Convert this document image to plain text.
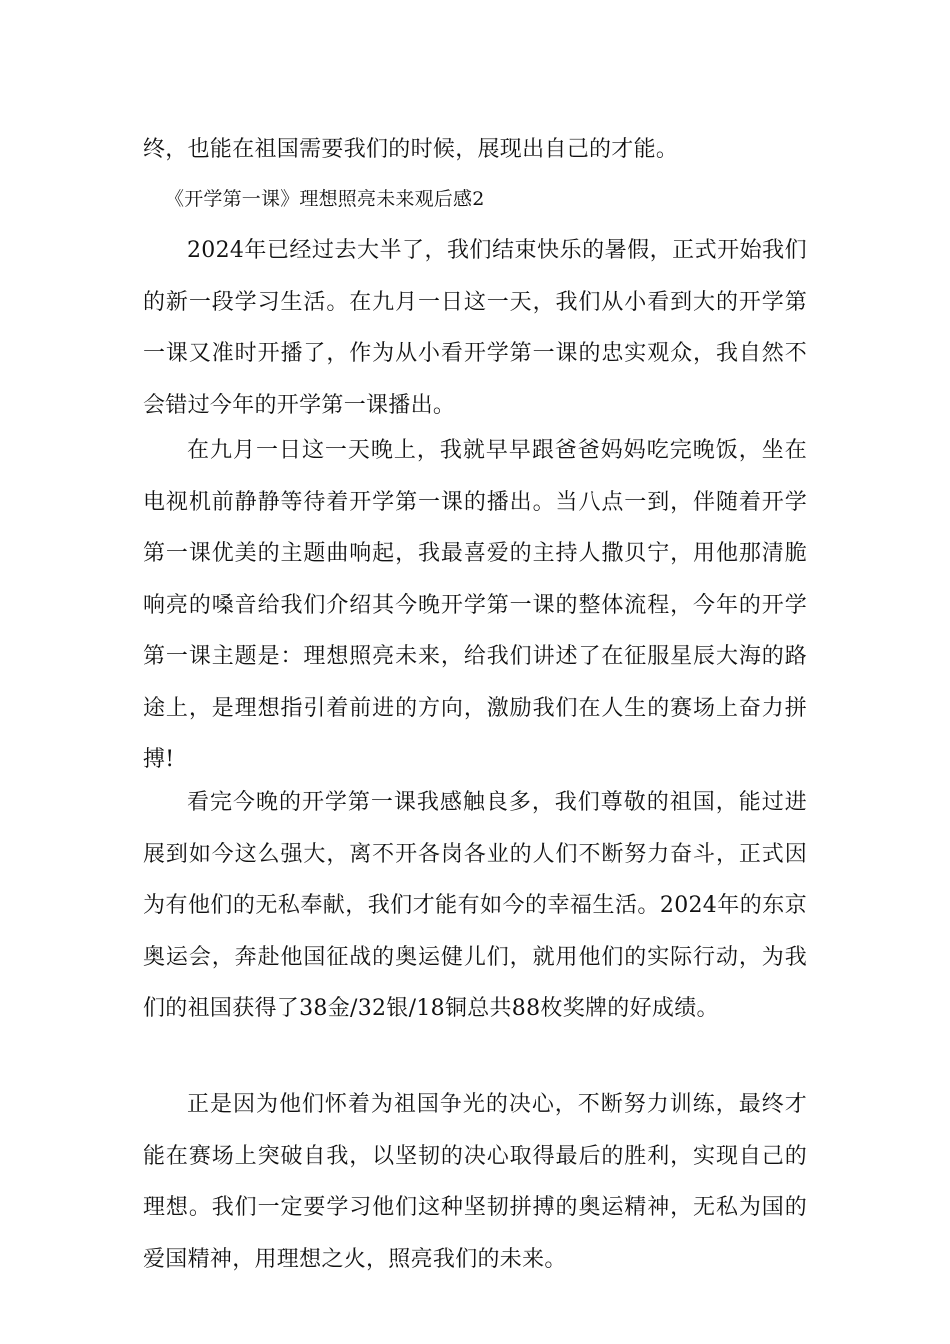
终，也能在祖国需要我们的时候，展现出自己的才能。
《开学第一课》理想照亮未来观后感2
2024年已经过去大半了，我们结束快乐的暑假，正式开始我们的新一段学习生活。在九月一日这一天，我们从小看到大的开学第一课又准时开播了，作为从小看开学第一课的忠实观众，我自然不会错过今年的开学第一课播出。
在九月一日这一天晚上，我就早早跟爸爸妈妈吃完晚饭，坐在电视机前静静等待着开学第一课的播出。当八点一到，伴随着开学第一课优美的主题曲响起，我最喜爱的主持人撒贝宁，用他那清脆响亮的嗓音给我们介绍其今晚开学第一课的整体流程，今年的开学第一课主题是：理想照亮未来，给我们讲述了在征服星辰大海的路途上，是理想指引着前进的方向，激励我们在人生的赛场上奋力拼搏!
看完今晚的开学第一课我感触良多，我们尊敬的祖国，能过进展到如今这么强大，离不开各岗各业的人们不断努力奋斗，正式因为有他们的无私奉献，我们才能有如今的幸福生活。2024年的东京奥运会，奔赴他国征战的奥运健儿们，就用他们的实际行动，为我们的祖国获得了38金/32银/18铜总共88枚奖牌的好成绩。
正是因为他们怀着为祖国争光的决心，不断努力训练，最终才能在赛场上突破自我，以坚韧的决心取得最后的胜利，实现自己的理想。我们一定要学习他们这种坚韧拼搏的奥运精神，无私为国的爱国精神，用理想之火，照亮我们的未来。
